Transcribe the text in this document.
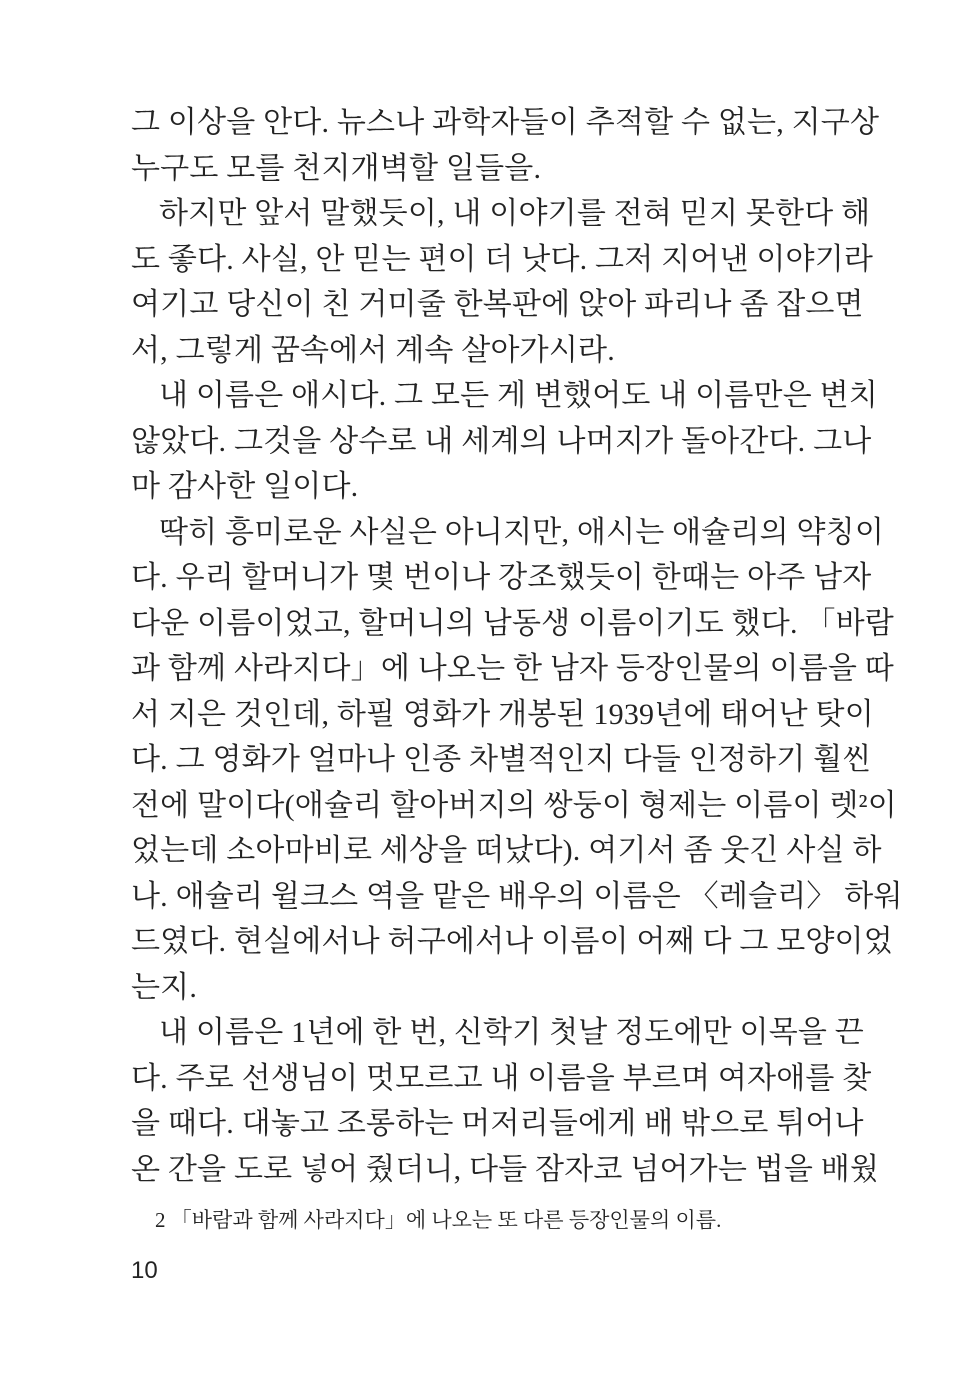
그 이상을 안다. 뉴스나 과학자들이 추적할 수 없는, 지구상
누구도 모를 천지개벽할 일들을.
하지만 앞서 말했듯이, 내 이야기를 전혀 믿지 못한다 해
도 좋다. 사실, 안 믿는 편이 더 낫다. 그저 지어낸 이야기라
여기고 당신이 친 거미줄 한복판에 앉아 파리나 좀 잡으면
서, 그렇게 꿈속에서 계속 살아가시라.
내 이름은 애시다. 그 모든 게 변했어도 내 이름만은 변치
않았다. 그것을 상수로 내 세계의 나머지가 돌아간다. 그나
마 감사한 일이다.
딱히 흥미로운 사실은 아니지만, 애시는 애슐리의 약칭이
다. 우리 할머니가 몇 번이나 강조했듯이 한때는 아주 남자
다운 이름이었고, 할머니의 남동생 이름이기도 했다. 「바람
과 함께 사라지다」에 나오는 한 남자 등장인물의 이름을 따
서 지은 것인데, 하필 영화가 개봉된 1939년에 태어난 탓이
다. 그 영화가 얼마나 인종 차별적인지 다들 인정하기 훨씬
전에 말이다(애슐리 할아버지의 쌍둥이 형제는 이름이 렛²이
었는데 소아마비로 세상을 떠났다). 여기서 좀 웃긴 사실 하
나. 애슐리 윌크스 역을 맡은 배우의 이름은 〈레슬리〉 하워
드였다. 현실에서나 허구에서나 이름이 어째 다 그 모양이었
는지.
내 이름은 1년에 한 번, 신학기 첫날 정도에만 이목을 끈
다. 주로 선생님이 멋모르고 내 이름을 부르며 여자애를 찾
을 때다. 대놓고 조롱하는 머저리들에게 배 밖으로 튀어나
온 간을 도로 넣어 줬더니, 다들 잠자코 넘어가는 법을 배웠
2 「바람과 함께 사라지다」에 나오는 또 다른 등장인물의 이름.
10
